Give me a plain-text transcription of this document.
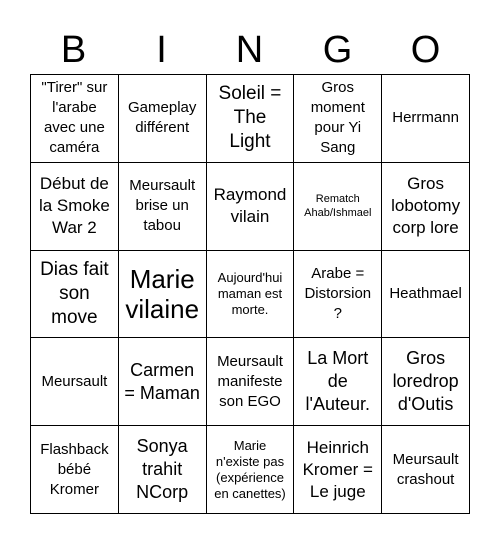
B	I	N	G	O
"Tirer" sur l'arabe avec une caméra
Gameplay différent
Soleil = The Light
Gros moment pour Yi Sang
Herrmann
Début de la Smoke War 2
Meursault brise un tabou
Raymond vilain
Rematch Ahab/Ishmael
Gros lobotomy corp lore
Dias fait son move
Marie vilaine
Aujourd'hui maman est morte.
Arabe = Distorsion ?
Heathmael
Meursault
Carmen = Maman
Meursault manifeste son EGO
La Mort de l'Auteur.
Gros loredrop d'Outis
Flashback bébé Kromer
Sonya trahit NCorp
Marie n'existe pas (expérience en canettes)
Heinrich Kromer = Le juge
Meursault crashout
